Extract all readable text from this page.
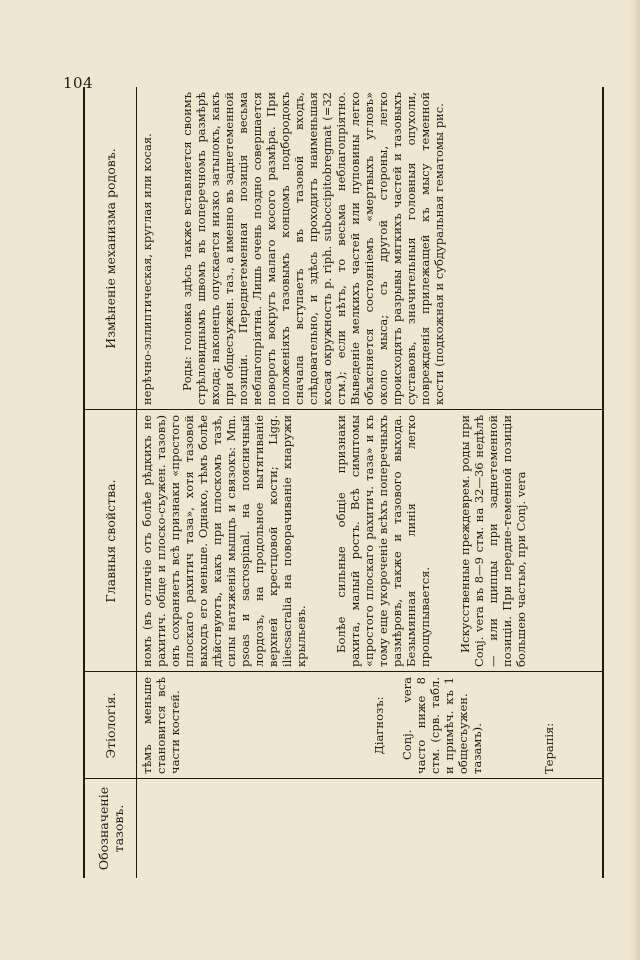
104
Обозначеніе тазовъ.
Этіологія.
Главныя свойства.
Измѣненіе механизма родовъ.

тѣмъ меньше становится всѣ части костей.	Діагнозъ: Conj. vera часто ниже 8 стм. (срв. табл. и примѣч. къ 1 общесъужен. тазамъ).	Терапія:

номъ (въ отличіе отъ болѣе рѣдкихъ не рахитич. обще и плоско-съужен. тазовъ) онъ сохраняетъ всѣ признаки «простого плоскаго рахитич таза», хотя тазовой выходъ его меньше. Однако, тѣмъ болѣе дѣйствуютъ, какъ при плоскомъ тазѣ, силы натяженія мышцъ и связокъ: Mm. psoas и sacrospinal. на поясничный лордозъ, на продольное вытягиваніе верхней крестцовой кости; Ligg. iliecsacralia на поворачиваніе кнаружи крыльевъ. Болѣе сильные общіе признаки рахита, малый ростъ. Всѣ симптомы «простого плоскаго рахитич. таза» и къ тому еще укороченіе всѣхъ поперечныхъ размѣровъ, также и тазового выхода. Безымянная линія легко прощупывается. Искусственные преждеврем. роды при Conj. vera въ 8—9 стм. на 32—36 недѣлѣ — или щипцы при заднетеменной позиціи. При передне-теменной позиціи большею частью, при Conj. vera

нерѣчно-эллиптическая, круглая или косая. Роды: головка здѣсь также вставляется своимъ стрѣловиднымъ швомъ въ поперечномъ размѣрѣ входа; наконецъ опускается низко затылокъ, какъ при общесъужен. таз., а именно въ заднетеменной позиціи. Переднетеменная позиція весьма неблагопріятна. Лишь очень поздно совершается поворотъ вокругъ малаго косого размѣра. При положеніяхъ тазовымъ концомъ подбородокъ сначала вступаетъ въ тазовой входъ, слѣдовательно, и здѣсь проходитъ наименьшая косая окружность p. riph. suboccipitobregmat (=32 стм.); если нѣтъ, то весьма неблагопріятно. Выведеніе мелкихъ частей или пуповины легко объясняется состояніемъ «мертвыхъ угловъ» около мыса; съ другой стороны, легко происходятъ разрывы мягкихъ частей и тазовыхъ суставовъ, значительныя головныя опухоли, поврежденія прилежащей къ мысу теменной кости (подкожная и субдуральная гематомы рис.
